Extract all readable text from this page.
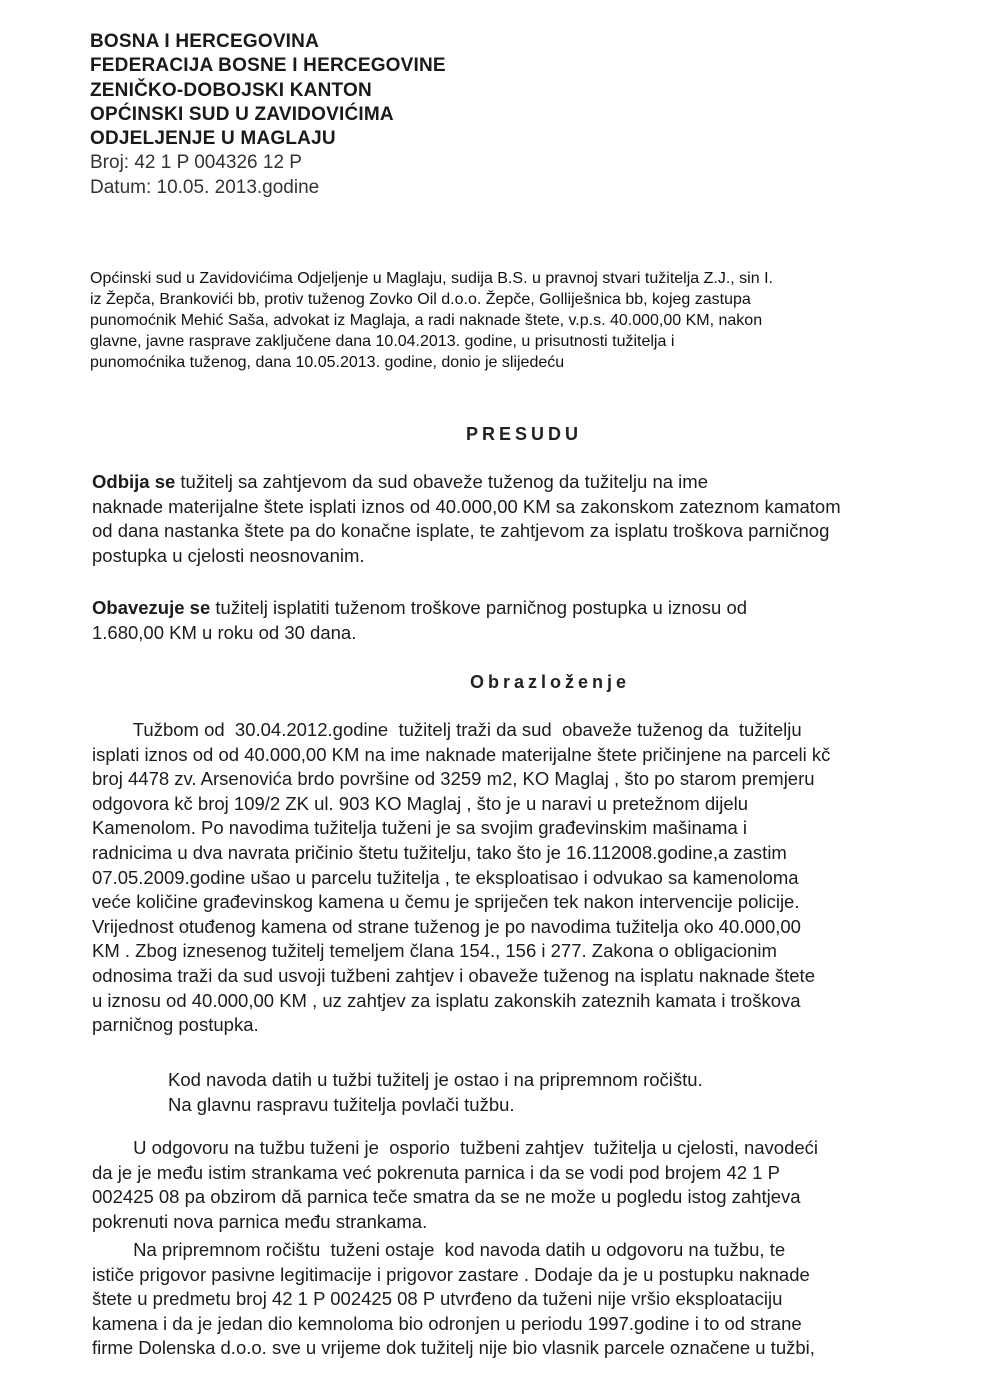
BOSNA I HERCEGOVINA
FEDERACIJA BOSNE I HERCEGOVINE
ZENIČKO-DOBOJSKI KANTON
OPĆINSKI SUD U ZAVIDOVIĆIMA
ODJELJENJE U MAGLAJU
Broj: 42 1 P 004326 12 P
Datum: 10.05. 2013.godine
Općinski sud u Zavidovićima Odjeljenje u Maglaju, sudija B.S. u pravnoj stvari tužitelja Z.J., sin I.
iz Žepča, Brankovići bb, protiv tuženog Zovko Oil d.o.o. Žepče, Golliješnica bb, kojeg zastupa
punomoćnik Mehić Saša, advokat iz Maglaja, a radi naknade štete, v.p.s. 40.000,00 KM, nakon
glavne, javne rasprave zaključene dana 10.04.2013. godine, u prisutnosti tužitelja i
punomoćnika tuženog, dana 10.05.2013. godine, donio je slijedeću
PRESUDU
Odbija se tužitelj sa zahtjevom da sud obaveže tuženog da tužitelju na ime
naknade materijalne štete isplati iznos od 40.000,00 KM sa zakonskom zateznom kamatom
od dana nastanka štete pa do konačne isplate, te zahtjevom za isplatu troškova parničnog
postupka u cjelosti neosnovanim.
Obavezuje se tužitelj isplatiti tuženom troškove parničnog postupka u iznosu od
1.680,00 KM u roku od 30 dana.
Obrazloženje
Tužbom od  30.04.2012.godine  tužitelj traži da sud  obaveže tuženog da  tužitelju
isplati iznos od od 40.000,00 KM na ime naknade materijalne štete pričinjene na parceli kč
broj 4478 zv. Arsenovića brdo površine od 3259 m2, KO Maglaj , što po starom premjeru
odgovora kč broj 109/2 ZK ul. 903 KO Maglaj , što je u naravi u pretežnom dijelu
Kamenolom. Po navodima tužitelja tuženi je sa svojim građevinskim mašinama i
radnicima u dva navrata pričinio štetu tužitelju, tako što je 16.112008.godine,a zastim
07.05.2009.godine ušao u parcelu tužitelja , te eksploatisao i odvukao sa kamenoloma
veće količine građevinskog kamena u čemu je spriječen tek nakon intervencije policije.
Vrijednost otuđenog kamena od strane tuženog je po navodima tužitelja oko 40.000,00
KM . Zbog iznesenog tužitelj temeljem člana 154., 156 i 277. Zakona o obligacionim
odnosima traži da sud usvoji tužbeni zahtjev i obaveže tuženog na isplatu naknade štete
u iznosu od 40.000,00 KM , uz zahtjev za isplatu zakonskih zateznih kamata i troškova
parničnog postupka.
Kod navoda datih u tužbi tužitelj je ostao i na pripremnom ročištu.
Na glavnu raspravu tužitelja povlači tužbu.
U odgovoru na tužbu tuženi je  osporio  tužbeni zahtjev  tužitelja u cjelosti, navodeći
da je je među istim strankama već pokrenuta parnica i da se vodi pod brojem 42 1 P
002425 08 pa obzirom dă parnica teče smatra da se ne može u pogledu istog zahtjeva
pokrenuti nova parnica među strankama.
Na pripremnom ročištu  tuženi ostaje  kod navoda datih u odgovoru na tužbu, te
ističe prigovor pasivne legitimacije i prigovor zastare . Dodaje da je u postupku naknade
štete u predmetu broj 42 1 P 002425 08 P utvrđeno da tuženi nije vršio eksploataciju
kamena i da je jedan dio kemnoloma bio odronjen u periodu 1997.godine i to od strane
firme Dolenska d.o.o. sve u vrijeme dok tužitelj nije bio vlasnik parcele označene u tužbi,
